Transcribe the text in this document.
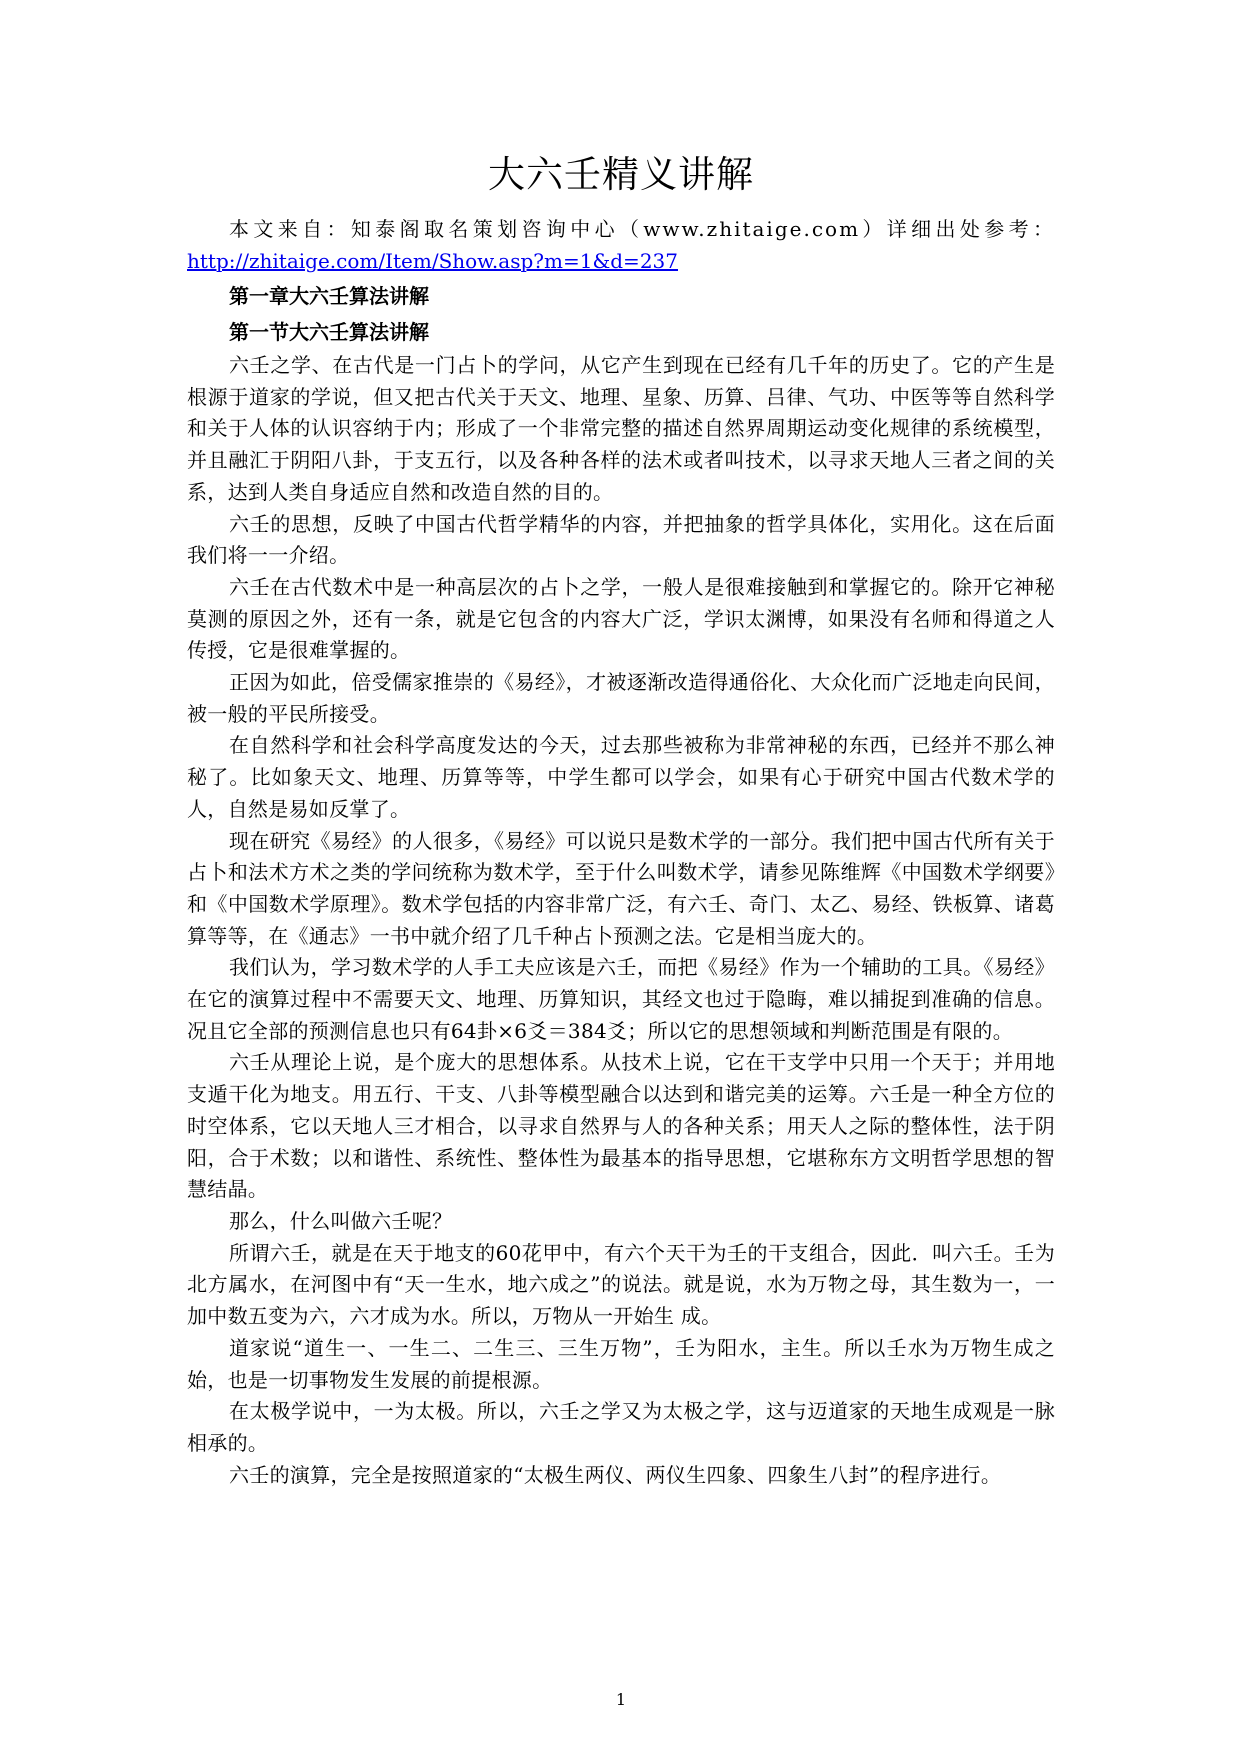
大六壬精义讲解
本文来自：知泰阁取名策划咨询中心（www.zhitaige.com）详细出处参考：
http://zhitaige.com/Item/Show.asp?m=1&d=237

第一章大六壬算法讲解

第一节大六壬算法讲解

六壬之学、在古代是一门占卜的学问，从它产生到现在已经有几千年的历史了。它的产生是根源于道家的学说，但又把古代关于天文、地理、星象、历算、吕律、气功、中医等等自然科学和关于人体的认识容纳于内；形成了一个非常完整的描述自然界周期运动变化规律的系统模型，并且融汇于阴阳八卦，于支五行，以及各种各样的法术或者叫技术，以寻求天地人三者之间的关系，达到人类自身适应自然和改造自然的目的。

六壬的思想，反映了中国古代哲学精华的内容，并把抽象的哲学具体化，实用化。这在后面我们将一一介绍。

六壬在古代数术中是一种高层次的占卜之学，一般人是很难接触到和掌握它的。除开它神秘莫测的原因之外，还有一条，就是它包含的内容大广泛，学识太渊博，如果没有名师和得道之人传授，它是很难掌握的。

正因为如此，倍受儒家推崇的《易经》，才被逐渐改造得通俗化、大众化而广泛地走向民间，被一般的平民所接受。

在自然科学和社会科学高度发达的今天，过去那些被称为非常神秘的东西，已经并不那么神秘了。比如象天文、地理、历算等等，中学生都可以学会，如果有心于研究中国古代数术学的人，自然是易如反掌了。

现在研究《易经》的人很多，《易经》可以说只是数术学的一部分。我们把中国古代所有关于占卜和法术方术之类的学问统称为数术学，至于什么叫数术学，请参见陈维辉《中国数术学纲要》和《中国数术学原理》。数术学包括的内容非常广泛，有六壬、奇门、太乙、易经、铁板算、诸葛算等等，在《通志》一书中就介绍了几千种占卜预测之法。它是相当庞大的。

我们认为，学习数术学的人手工夫应该是六壬，而把《易经》作为一个辅助的工具。《易经》在它的演算过程中不需要天文、地理、历算知识，其经文也过于隐晦，难以捕捉到准确的信息。况且它全部的预测信息也只有64卦×6爻＝384爻；所以它的思想领域和判断范围是有限的。

六壬从理论上说，是个庞大的思想体系。从技术上说，它在干支学中只用一个天于；并用地支遁干化为地支。用五行、干支、八卦等模型融合以达到和谐完美的运筹。六壬是一种全方位的时空体系，它以天地人三才相合，以寻求自然界与人的各种关系；用天人之际的整体性，法于阴阳，合于术数；以和谐性、系统性、整体性为最基本的指导思想，它堪称东方文明哲学思想的智慧结晶。

那么，什么叫做六壬呢？

所谓六壬，就是在天于地支的60花甲中，有六个天干为壬的干支组合，因此．叫六壬。壬为北方属水，在河图中有“天一生水，地六成之”的说法。就是说，水为万物之母，其生数为一，一加中数五变为六，六才成为水。所以，万物从一开始生 成。

道家说“道生一、一生二、二生三、三生万物”，壬为阳水，主生。所以壬水为万物生成之始，也是一切事物发生发展的前提根源。

在太极学说中，一为太极。所以，六壬之学又为太极之学，这与迈道家的天地生成观是一脉相承的。

六壬的演算，完全是按照道家的“太极生两仪、两仪生四象、四象生八封”的程序进行。

1
